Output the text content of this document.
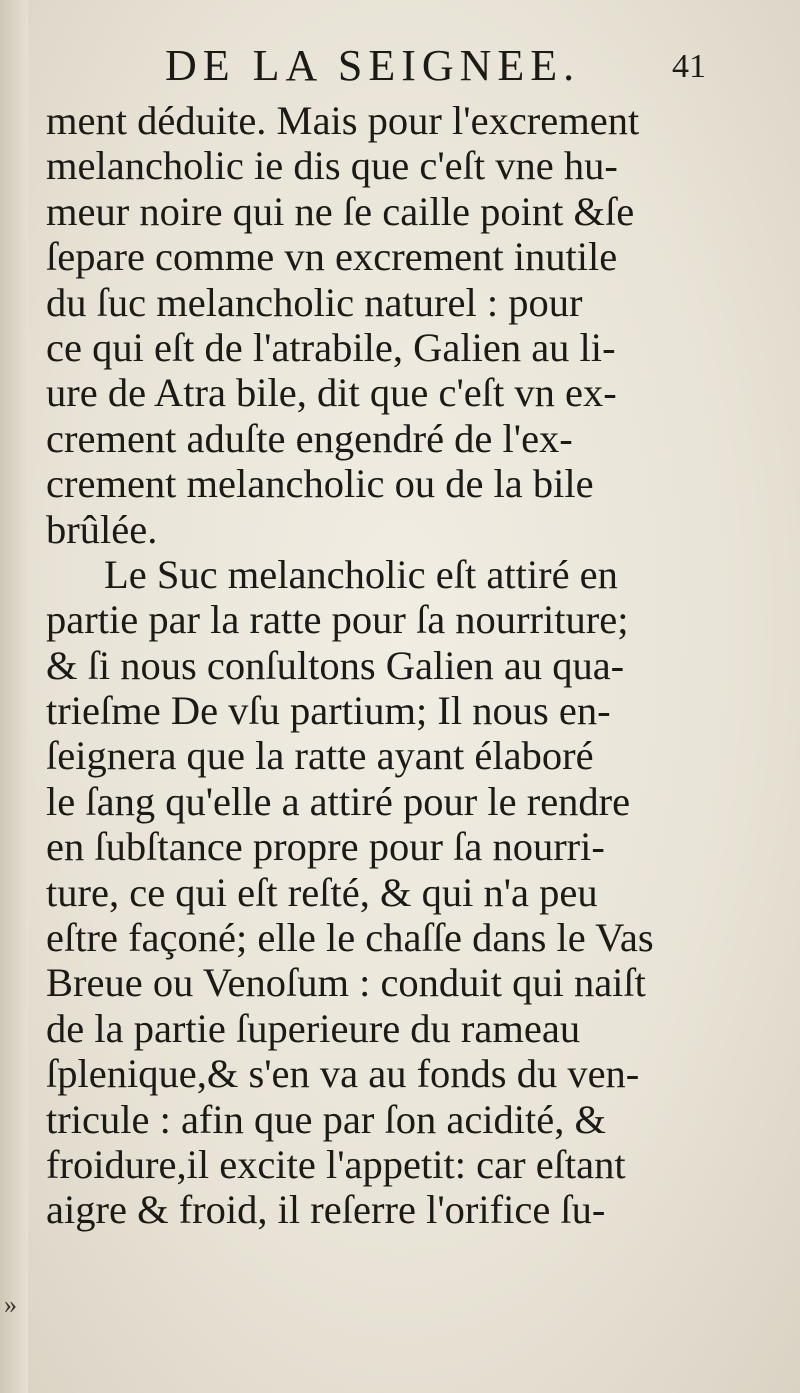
DE LA SEIGNEE.	41
ment déduite. Mais pour l'excrement
melancholic ie dis que c'eſt vne hu-
meur noire qui ne ſe caille point &ſe
ſepare comme vn excrement inutile
du ſuc melancholic naturel : pour
ce qui eſt de l'atrabile, Galien au li-
ure de Atra bile, dit que c'eſt vn ex-
crement aduſte engendré de l'ex-
crement melancholic ou de la bile
brûlée.
Le Suc melancholic eſt attiré en
partie par la ratte pour ſa nourriture;
& ſi nous conſultons Galien au qua-
trieſme De vſu partium; Il nous en-
ſeignera que la ratte ayant élaboré
le ſang qu'elle a attiré pour le rendre
en ſubſtance propre pour ſa nourri-
ture, ce qui eſt reſté, & qui n'a peu
eſtre façoné; elle le chaſſe dans le Vas
Breue ou Venoſum : conduit qui naiſt
de la partie ſuperieure du rameau
ſplenique,& s'en va au fonds du ven-
tricule : afin que par ſon acidité, &
froidure,il excite l'appetit: car eſtant
aigre & froid, il reſerre l'orifice ſu-
»
